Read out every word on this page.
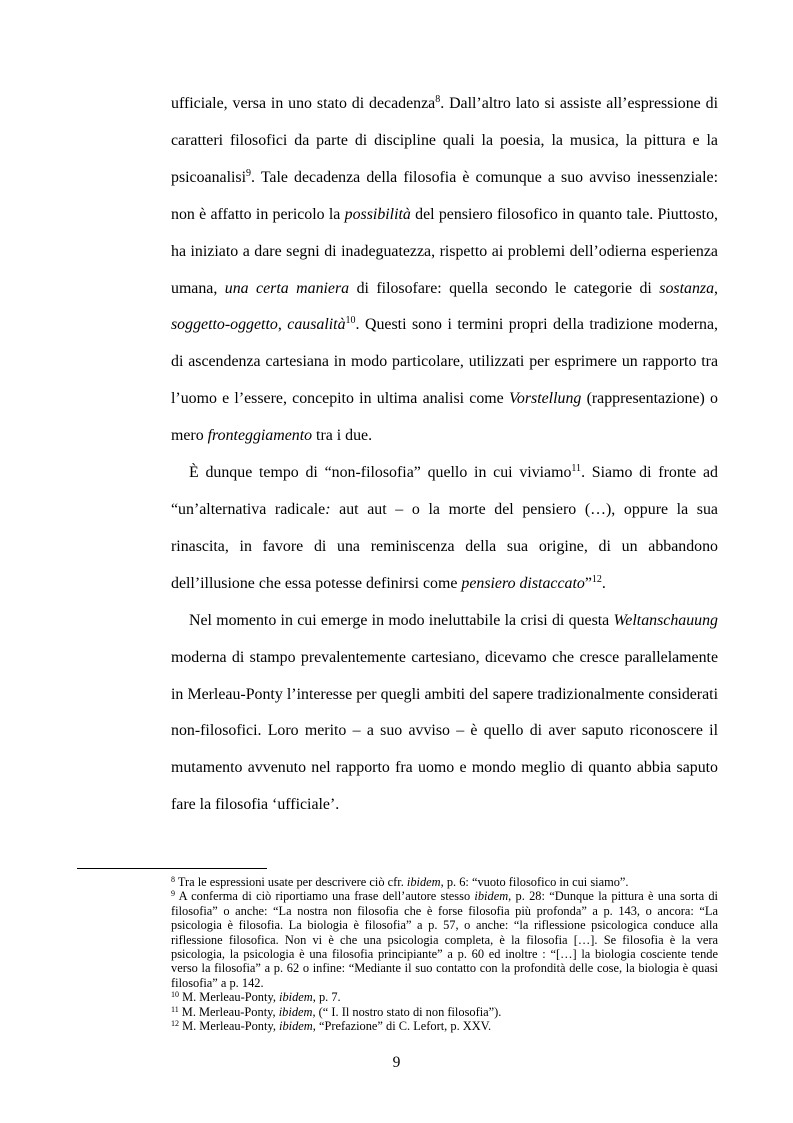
ufficiale, versa in uno stato di decadenza$^8$. Dall’altro lato si assiste all’espressione di caratteri filosofici da parte di discipline quali la poesia, la musica, la pittura e la psicoanalisi$^9$. Tale decadenza della filosofia è comunque a suo avviso inessenziale: non è affatto in pericolo la possibilità del pensiero filosofico in quanto tale. Piuttosto, ha iniziato a dare segni di inadeguatezza, rispetto ai problemi dell’odierna esperienza umana, una certa maniera di filosofare: quella secondo le categorie di sostanza, soggetto-oggetto, causalità$^{10}$. Questi sono i termini propri della tradizione moderna, di ascendenza cartesiana in modo particolare, utilizzati per esprimere un rapporto tra l’uomo e l’essere, concepito in ultima analisi come Vorstellung (rappresentazione) o mero fronteggiamento tra i due.

È dunque tempo di “non-filosofia” quello in cui viviamo$^{11}$. Siamo di fronte ad “un’alternativa radicale: aut aut – o la morte del pensiero (…), oppure la sua rinascita, in favore di una reminiscenza della sua origine, di un abbandono dell’illusione che essa potesse definirsi come pensiero distaccato”$^{12}$.

Nel momento in cui emerge in modo ineluttabile la crisi di questa Weltanschauung moderna di stampo prevalentemente cartesiano, dicevamo che cresce parallelamente in Merleau-Ponty l’interesse per quegli ambiti del sapere tradizionalmente considerati non-filosofici. Loro merito – a suo avviso – è quello di aver saputo riconoscere il mutamento avvenuto nel rapporto fra uomo e mondo meglio di quanto abbia saputo fare la filosofia ‘ufficiale’.

$^8$ Tra le espressioni usate per descrivere ciò cfr. ibidem, p. 6: “vuoto filosofico in cui siamo”.

$^9$ A conferma di ciò riportiamo una frase dell’autore stesso ibidem, p. 28: “Dunque la pittura è una sorta di filosofia” o anche: “La nostra non filosofia che è forse filosofia più profonda” a p. 143, o ancora: “La psicologia è filosofia. La biologia è filosofia” a p. 57, o anche: “la riflessione psicologica conduce alla riflessione filosofica. Non vi è che una psicologia completa, è la filosofia […]. Se filosofia è la vera psicologia, la psicologia è una filosofia principiante” a p. 60 ed inoltre : “[…] la biologia cosciente tende verso la filosofia” a p. 62 o infine: “Mediante il suo contatto con la profondità delle cose, la biologia è quasi filosofia” a p. 142.

$^{10}$ M. Merleau-Ponty, ibidem, p. 7.

$^{11}$ M. Merleau-Ponty, ibidem, (“ I. Il nostro stato di non filosofia”).

$^{12}$ M. Merleau-Ponty, ibidem, “Prefazione” di C. Lefort, p. XXV.

9
